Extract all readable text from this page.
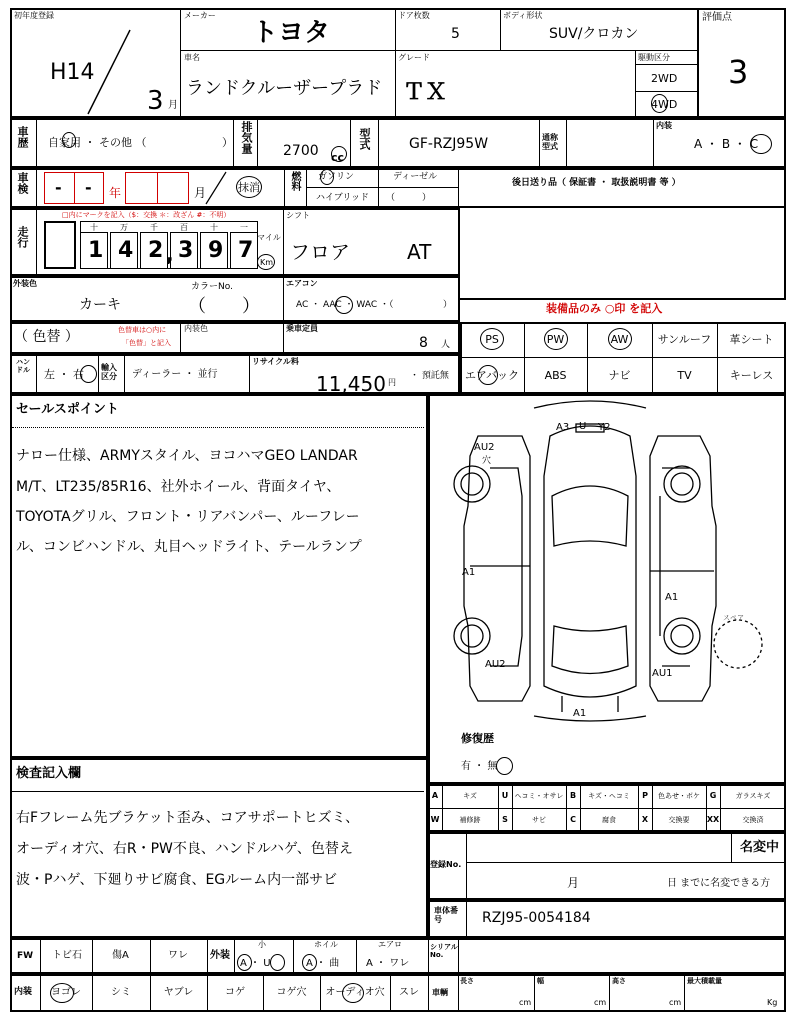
初年度登録
H14
3 月
メーカー
トヨタ
ドア枚数
5
ボディ形状
SUV/クロカン
評価点
3
車名
ランドクルーザープラド
グレード
ＴＸ
駆動区分
2WD
4WD
車歴 自家用 ・ その他 （	） 排気量 2700 cc
型式	GF-RZJ95W	通称型式
内装
A ・ B ・ C
車検 - - 年	月	抹消	燃料 ガソリン	ディーゼル
ハイブリッド （　　　）
後日送り品（ 保証書 ・ 取扱説明書 等 ）
走行
□内にマークを記入（$：交換 ＊：改ざん #：不明）
十
1
万
4
千
2
百
3
十
9
一
7
,
マイル
Km
シフト
フロア	AT
外装色
カーキ
カラーNo.
（　　）
エアコン
AC ・ AAC ・ WAC ・（	）	装備品のみ ○印 を記入
（ 色替 ）	色替車は○内に
「色替」と記入
内装色	乗車定員
8 人	PS	PW	AW	サンルーフ	革シート
エアバック	ABS	ナビ	TV	キーレス
ハンドル 左 ・ 右
輸入区分	ディーラー ・ 並行
リサイクル料
11,450 円
・ 預託無
セールスポイント
ナロー仕様、ARMYスタイル、ヨコハマGEO LANDAR
M/T、LT235/85R16、社外ホイール、背面タイヤ、
TOYOTAグリル、フロント・リアバンパー、ルーフレー
ル、コンビハンドル、丸目ヘッドライト、テールランプ
A3 U Y2
AU2
穴
A1
A1
AU2
AU1
A1
スペア
修復歴
有 ・ 無
A	キズ	U ヘコミ・オサレ B	キズ・ヘコミ	P	色あせ・ボケ	G	ガラスキズ
W	補修跡	S	サビ	C	腐食	X	交換要	XX	交換済
検査記入欄
右Fフレーム先ブラケット歪み、コアサポートヒズミ、
オーディオ穴、右R・PW不良、ハンドルハゲ、色替え
波・Pハゲ、下廻りサビ腐食、EGルーム内一部サビ
登録No.
名変中
月	日 までに名変できる方
車体番号	RZJ95-0054184
FW トビ石	傷A	ワレ 外装
小
A ・ U
ホイル
A ・ 曲
エアロ
A ・ ワレ
シリアルNo.
内装	ヨゴレ	シミ	ヤブレ	コゲ	コゲ穴	オーディオ穴	スレ	車輌
長さ
cm
幅
cm
高さ
cm
最大積載量
Kg
